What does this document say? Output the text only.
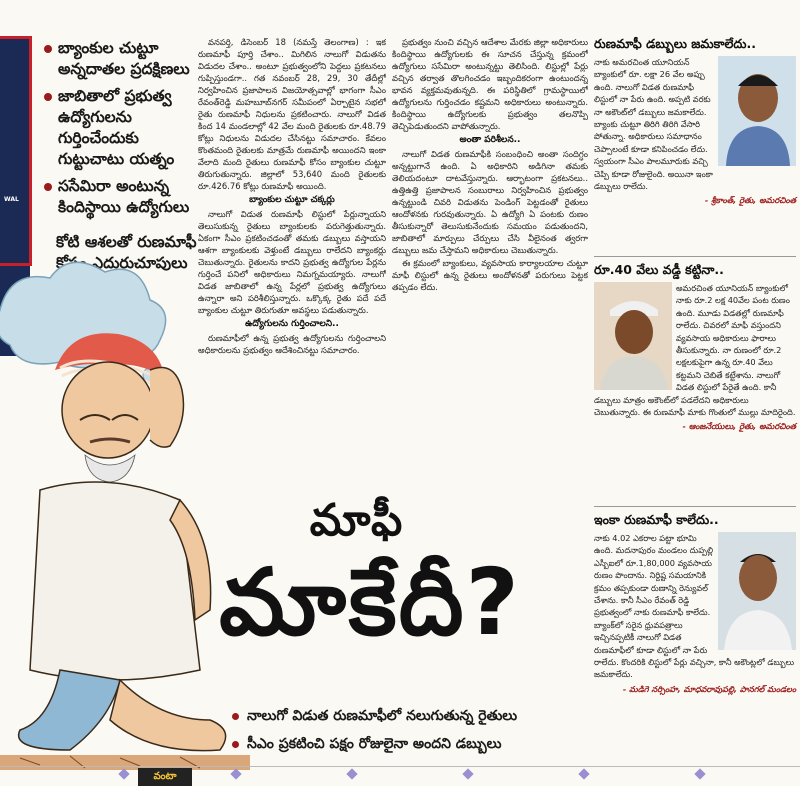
WAL
బ్యాంకుల చుట్టూ అన్నదాతల ప్రదక్షిణలు
జాబితాలో ప్రభుత్వ ఉద్యోగులను గుర్తించేందుకు గుట్టుచాటు యత్నం
ససేమిరా అంటున్న కిందిస్థాయి ఉద్యోగులు
కోటి ఆశలతో రుణమాఫీ కోసం ఎదురుచూపులు

వనపర్తి, డిసెంబర్ 18 (నమస్తే తెలంగాణ) : ఇక రుణమాఫీ పూర్తి చేశాం.. మిగిలిన నాలుగో విడుతను విడుదల చేశాం.. అంటూ ప్రభుత్వంలోని పెద్దలు ప్రకటనలు గుప్పిస్తుండగా.. గత నవంబర్ 28, 29, 30 తేదీల్లో నిర్వహించిన ప్రజాపాలన విజయోత్సవాల్లో భాగంగా సీఎం రేవంత్‌రెడ్డి మహబూబ్‌నగర్ సమీపంలో ఏర్పాటైన సభలో రైతు రుణమాఫీ నిధులను ప్రకటించారు. నాలుగో విడత కింద 14 మండలాల్లో 42 వేల మంది రైతులకు రూ.48.79 కోట్లు నిధులను విడుదల చేసినట్టు సమాచారం. కేవలం కొంతమంది రైతులకు మాత్రమే రుణమాఫీ అయిందని ఇంకా వేలాది మంది రైతులు రుణమాఫీ కోసం బ్యాంకుల చుట్టూ తిరుగుతున్నారు. జిల్లాలో 53,640 మంది రైతులకు రూ.426.76 కోట్లు రుణమాఫీ అయింది.

బ్యాంకుల చుట్టూ చక్కర్లు

నాలుగో విడుత రుణమాఫీ లిస్టులో పేర్లున్నాయని తెలుసుకున్న రైతులు బ్యాంకులకు పరుగెత్తుతున్నారు. ఏకంగా సీఎం ప్రకటించడంతో తమకు డబ్బులు వస్తాయని ఆశగా బ్యాంకులకు వెళ్తుంటే డబ్బులు రాలేదని బ్యాంకర్లు చెబుతున్నారు. రైతులను కాదని ప్రభుత్వ ఉద్యోగుల పేర్లను గుర్తించే పనిలో అధికారులు నిమగ్నమయ్యారు. నాలుగో విడత జాబితాలో ఉన్న పేర్లలో ప్రభుత్వ ఉద్యోగులు ఉన్నారా అని పరిశీలిస్తున్నారు. ఒక్కొక్క రైతు పదే పదే బ్యాంకుల చుట్టూ తిరుగుతూ అవస్థలు పడుతున్నారు.

ఉద్యోగులను గుర్తించాలని..

రుణమాఫీలో ఉన్న ప్రభుత్వ ఉద్యోగులను గుర్తించాలని అధికారులను ప్రభుత్వం ఆదేశించినట్టు సమాచారం.

ప్రభుత్వం నుంచి వచ్చిన ఆదేశాల మేరకు జిల్లా అధికారులు కిందిస్థాయి ఉద్యోగులకు ఈ సూచన చేస్తున్న క్రమంలో ఉద్యోగులు ససేమిరా అంటున్నట్టు తెలిసింది. లిస్టుల్లో పేర్లు వచ్చిన తర్వాత తొలగించడం ఇబ్బందికరంగా ఉంటుందన్న భావన వ్యక్తమవుతున్నది. ఈ పరిస్థితిలో గ్రామస్థాయిలో ఉద్యోగులను గుర్తించడం కష్టమని అధికారులు అంటున్నారు. కిందిస్థాయి ఉద్యోగులకు ప్రభుత్వం తలనొప్పి తెచ్చిపెడుతుందని వాపోతున్నారు.

అంతా పరిశీలన..

నాలుగో విడత రుణమాఫీకి సంబంధించి అంతా సందిగ్ధం అన్నట్టుగానే ఉంది. ఏ అధికారిని అడిగినా తమకు తెలియదంటూ దాటవేస్తున్నారు. ఆర్భాటంగా ప్రకటనలు.. ఉత్తిఉత్తి ప్రజాపాలన సంబురాలు నిర్వహించిన ప్రభుత్వం ఉన్నట్టుండి చివరి విడుతను పెండింగ్ పెట్టడంతో రైతులు ఆందోళనకు గురవుతున్నారు. ఏ ఉద్యోగి ఏ పంటకు రుణం తీసుకున్నారో తెలుసుకునేందుకు సమయం పడుతుందని, జాబితాలో మార్పులు చేర్పులు చేసి వీలైనంత త్వరగా డబ్బులు జమ చేస్తామని అధికారులు చెబుతున్నారు.

ఈ క్రమంలో బ్యాంకులు, వ్యవసాయ కార్యాలయాల చుట్టూ మాఫీ లిస్టులో ఉన్న రైతులు అందోళనతో పరుగులు పెట్టక తప్పడం లేదు.

మాఫీ
మాకేదీ?
నాలుగో విడుత రుణమాఫీలో నలుగుతున్న రైతులు
సీఎం ప్రకటించి పక్షం రోజులైనా అందని డబ్బులు
రుణమాఫీ డబ్బులు జమకాలేదు..
నాకు అమరచింత యూనియన్ బ్యాంకులో రూ. లక్షా 26 వేల అప్పు ఉంది. నాలుగో విడత రుణమాఫీ లిస్టులో నా పేరు ఉంది. అప్పటి వరకు నా అకౌంట్‌లో డబ్బులు జమకాలేదు. బ్యాంకు చుట్టూ తిరిగి తిరిగి వేసారి పోతున్నా. అధికారులు సమాధానం చెప్పాలంటే కూడా కనిపించడం లేదు. స్వయంగా సీఎం పాలమూరుకు వచ్చి చెప్పి కూడా రోజులైంది. అయినా ఇంకా డబ్బులు రాలేదు.
- శ్రీకాంత్, రైతు, అమరచింత
రూ.40 వేలు వడ్డీ కట్టినా..
అమరచింత యూనియన్ బ్యాంకులో నాకు రూ.2 లక్ష 40వేల పంట రుణం ఉంది. మూడు విడతల్లో రుణమాఫీ రాలేదు. చివరలో మాఫీ వస్తుందని వ్యవసాయ అధికారులు ఫారాలు తీసుకున్నారు. నా రుణంలో రూ.2 లక్షలకుపైగా ఉన్న రూ.40 వేలు కట్టమని చెబితే కట్టేశాను. నాలుగో విడత లిస్టులో పేరైతే ఉంది. కానీ డబ్బులు మాత్రం అకౌంట్‌లో పడలేదని అధికారులు చెబుతున్నారు. ఈ రుణమాఫీ మాకు గొంతులో ముల్లు మాదిరైంది.
- ఆంజనేయులు, రైతు, అమరచింత
ఇంకా రుణమాఫీ కాలేదు..
నాకు 4.02 ఎకరాల పట్టా భూమి ఉంది. మదనాపురం మండలం దుప్పల్లి ఎస్బీఐలో రూ.1,80,000 వ్యవసాయ రుణం పొందాను. నిర్దిష్ట సమయానికి క్రమం తప్పకుండా రుణాన్ని రెన్యువల్ చేశాను. కానీ సీఎం రేవంత్ రెడ్డి ప్రభుత్వంలో నాకు రుణమాఫీ కాలేదు. బ్యాంక్‌లో సరైన ధ్రువపత్రాలు ఇచ్చినప్పటికీ నాలుగో విడత రుణమాఫీలో కూడా లిస్టులో నా పేరు రాలేదు. కొందరికి లిస్టులో పేర్లు వచ్చినా, కానీ అకౌంట్లలో డబ్బులు జమకాలేదు.
- మడిగె నర్సింహ, మాధవరావుపల్లి, పానగల్ మండలం
వంటా
